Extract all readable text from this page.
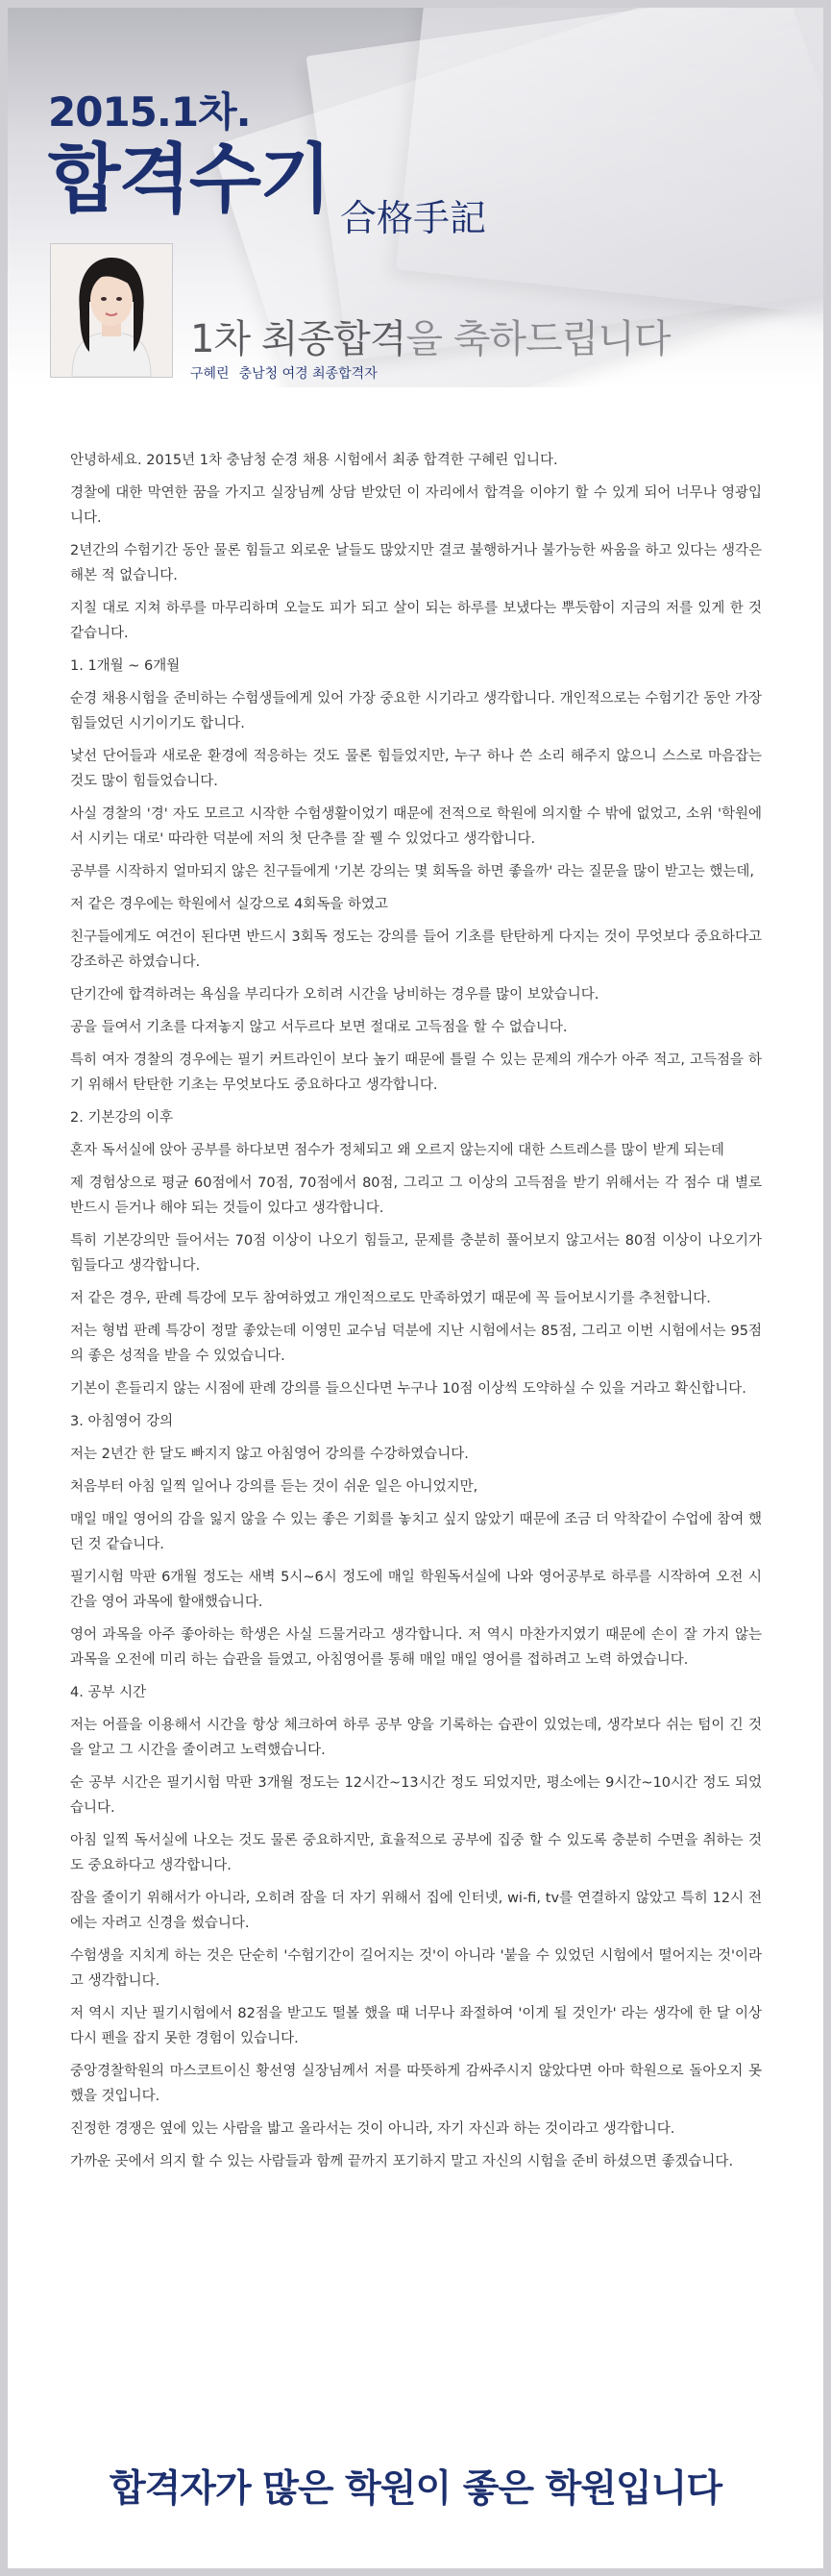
2015.1차.
합격수기 合格手記
1차 최종합격을 축하드립니다
구혜린 충남청 여경 최종합격자

안녕하세요. 2015년 1차 충남청 순경 채용 시험에서 최종 합격한 구혜린 입니다.

경찰에 대한 막연한 꿈을 가지고 실장님께 상담 받았던 이 자리에서 합격을 이야기 할 수 있게 되어 너무나 영광입니다.

2년간의 수험기간 동안 물론 힘들고 외로운 날들도 많았지만 결코 불행하거나 불가능한 싸움을 하고 있다는 생각은 해본 적 없습니다.

지칠 대로 지쳐 하루를 마무리하며 오늘도 피가 되고 살이 되는 하루를 보냈다는 뿌듯함이 지금의 저를 있게 한 것 같습니다.

1. 1개월 ~ 6개월

순경 채용시험을 준비하는 수험생들에게 있어 가장 중요한 시기라고 생각합니다. 개인적으로는 수험기간 동안 가장 힘들었던 시기이기도 합니다.

낯선 단어들과 새로운 환경에 적응하는 것도 물론 힘들었지만, 누구 하나 쓴 소리 해주지 않으니 스스로 마음잡는 것도 많이 힘들었습니다.

사실 경찰의 '경' 자도 모르고 시작한 수험생활이었기 때문에 전적으로 학원에 의지할 수 밖에 없었고, 소위 '학원에서 시키는 대로' 따라한 덕분에 저의 첫 단추를 잘 꿸 수 있었다고 생각합니다.

공부를 시작하지 얼마되지 않은 친구들에게 '기본 강의는 몇 회독을 하면 좋을까' 라는 질문을 많이 받고는 했는데,

저 같은 경우에는 학원에서 실강으로 4회독을 하였고

친구들에게도 여건이 된다면 반드시 3회독 정도는 강의를 들어 기초를 탄탄하게 다지는 것이 무엇보다 중요하다고 강조하곤 하였습니다.

단기간에 합격하려는 욕심을 부리다가 오히려 시간을 낭비하는 경우를 많이 보았습니다.

공을 들여서 기초를 다져놓지 않고 서두르다 보면 절대로 고득점을 할 수 없습니다.

특히 여자 경찰의 경우에는 필기 커트라인이 보다 높기 때문에 틀릴 수 있는 문제의 개수가 아주 적고, 고득점을 하기 위해서 탄탄한 기초는 무엇보다도 중요하다고 생각합니다.

2. 기본강의 이후

혼자 독서실에 앉아 공부를 하다보면 점수가 정체되고 왜 오르지 않는지에 대한 스트레스를 많이 받게 되는데

제 경험상으로 평균 60점에서 70점, 70점에서 80점, 그리고 그 이상의 고득점을 받기 위해서는 각 점수 대 별로 반드시 듣거나 해야 되는 것들이 있다고 생각합니다.

특히 기본강의만 들어서는 70점 이상이 나오기 힘들고, 문제를 충분히 풀어보지 않고서는 80점 이상이 나오기가 힘들다고 생각합니다.

저 같은 경우, 판례 특강에 모두 참여하였고 개인적으로도 만족하였기 때문에 꼭 들어보시기를 추천합니다.

저는 형법 판례 특강이 정말 좋았는데 이영민 교수님 덕분에 지난 시험에서는 85점, 그리고 이번 시험에서는 95점의 좋은 성적을 받을 수 있었습니다.

기본이 흔들리지 않는 시점에 판례 강의를 들으신다면 누구나 10점 이상씩 도약하실 수 있을 거라고 확신합니다.

3. 아침영어 강의

저는 2년간 한 달도 빠지지 않고 아침영어 강의를 수강하였습니다.

처음부터 아침 일찍 일어나 강의를 듣는 것이 쉬운 일은 아니었지만,

매일 매일 영어의 감을 잃지 않을 수 있는 좋은 기회를 놓치고 싶지 않았기 때문에 조금 더 악착같이 수업에 참여 했던 것 같습니다.

필기시험 막판 6개월 정도는 새벽 5시~6시 정도에 매일 학원독서실에 나와 영어공부로 하루를 시작하여 오전 시간을 영어 과목에 할애했습니다.

영어 과목을 아주 좋아하는 학생은 사실 드물거라고 생각합니다. 저 역시 마찬가지였기 때문에 손이 잘 가지 않는 과목을 오전에 미리 하는 습관을 들였고, 아침영어를 통해 매일 매일 영어를 접하려고 노력 하였습니다.

4. 공부 시간

저는 어플을 이용해서 시간을 항상 체크하여 하루 공부 양을 기록하는 습관이 있었는데, 생각보다 쉬는 텀이 긴 것을 알고 그 시간을 줄이려고 노력했습니다.

순 공부 시간은 필기시험 막판 3개월 정도는 12시간~13시간 정도 되었지만, 평소에는 9시간~10시간 정도 되었습니다.

아침 일찍 독서실에 나오는 것도 물론 중요하지만, 효율적으로 공부에 집중 할 수 있도록 충분히 수면을 취하는 것도 중요하다고 생각합니다.

잠을 줄이기 위해서가 아니라, 오히려 잠을 더 자기 위해서 집에 인터넷, wi-fi, tv를 연결하지 않았고 특히 12시 전에는 자려고 신경을 썼습니다.

수험생을 지치게 하는 것은 단순히 '수험기간이 길어지는 것'이 아니라 '붙을 수 있었던 시험에서 떨어지는 것'이라고 생각합니다.

저 역시 지난 필기시험에서 82점을 받고도 떨볼 했을 때 너무나 좌절하여 '이게 될 것인가' 라는 생각에 한 달 이상 다시 펜을 잡지 못한 경험이 있습니다.

중앙경찰학원의 마스코트이신 황선영 실장님께서 저를 따뜻하게 감싸주시지 않았다면 아마 학원으로 돌아오지 못했을 것입니다.

진정한 경쟁은 옆에 있는 사람을 밟고 올라서는 것이 아니라, 자기 자신과 하는 것이라고 생각합니다.

가까운 곳에서 의지 할 수 있는 사람들과 함께 끝까지 포기하지 말고 자신의 시험을 준비 하셨으면 좋겠습니다.

합격자가 많은 학원이 좋은 학원입니다
